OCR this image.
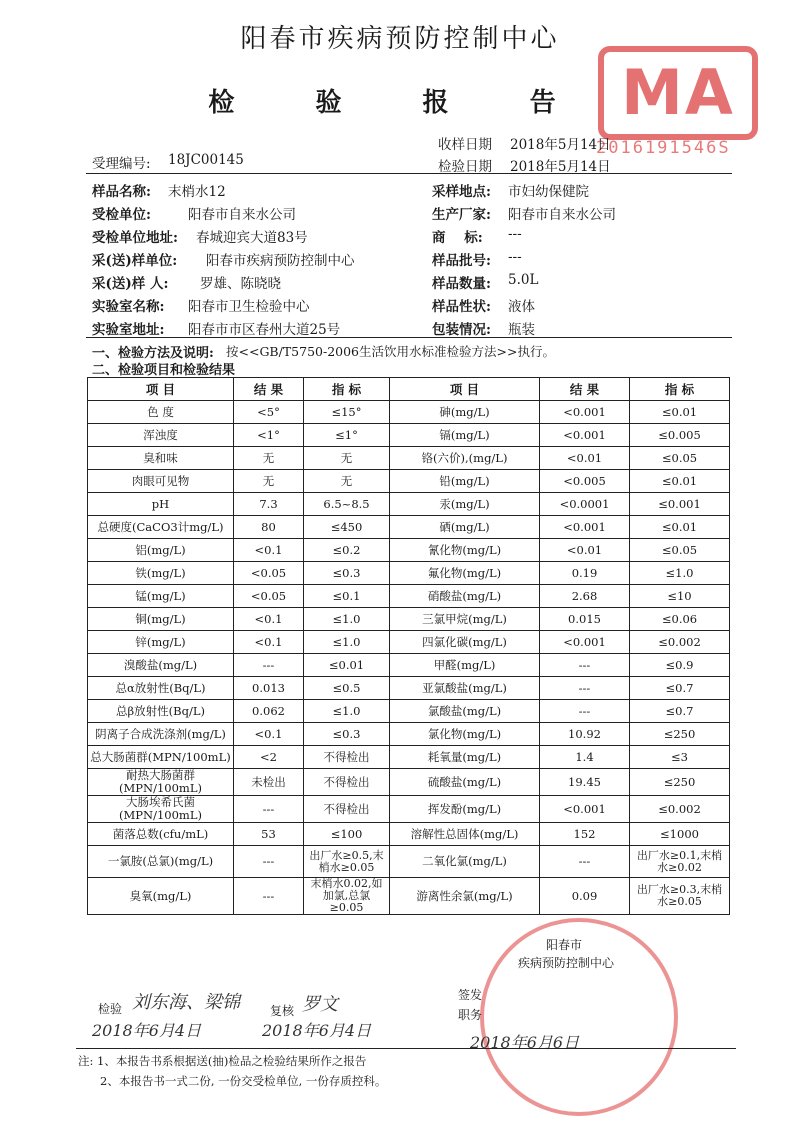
阳春市疾病预防控制中心
检 验 报 告 MA
2016191546S
收样日期 2018年5月14日
检验日期 2018年5月14日
受理编号: 18JC00145
样品名称: 末梢水12
受检单位:	阳春市自来水公司
受检单位地址: 春城迎宾大道83号
采(送)样单位: 阳春市疾病预防控制中心
采(送)样 人: 罗雄、陈晓晓
实验室名称: 阳春市卫生检验中心
实验室地址: 阳春市市区春州大道25号
采样地点: 市妇幼保健院
生产厂家: 阳春市自来水公司
商    标: ---
样品批号: ---
样品数量: 5.0L
样品性状: 液体
包装情况: 瓶装
一、检验方法及说明: 按<<GB/T5750-2006生活饮用水标准检验方法>>执行。
二、检验项目和检验结果
项 目	结 果	指 标	项 目	结 果	指 标
色 度	<5°	≤15°	砷(mg/L)	<0.001	≤0.01
浑浊度	<1°	≤1°	镉(mg/L)	<0.001	≤0.005
臭和味	无	无	铬(六价),(mg/L)	<0.01	≤0.05
肉眼可见物	无	无	铅(mg/L)	<0.005	≤0.01
pH	7.3	6.5~8.5	汞(mg/L)	<0.0001	≤0.001
总硬度(CaCO3计mg/L)	80	≤450	硒(mg/L)	<0.001	≤0.01
铝(mg/L)	<0.1	≤0.2	氰化物(mg/L)	<0.01	≤0.05
铁(mg/L)	<0.05	≤0.3	氟化物(mg/L)	0.19	≤1.0
锰(mg/L)	<0.05	≤0.1	硝酸盐(mg/L)	2.68	≤10
铜(mg/L)	<0.1	≤1.0	三氯甲烷(mg/L)	0.015	≤0.06
锌(mg/L)	<0.1	≤1.0	四氯化碳(mg/L)	<0.001	≤0.002
溴酸盐(mg/L)	---	≤0.01	甲醛(mg/L)	---	≤0.9
总α放射性(Bq/L)	0.013	≤0.5	亚氯酸盐(mg/L)	---	≤0.7
总β放射性(Bq/L)	0.062	≤1.0	氯酸盐(mg/L)	---	≤0.7
阴离子合成洗涤剂(mg/L)	<0.1	≤0.3	氯化物(mg/L)	10.92	≤250
总大肠菌群(MPN/100mL)	<2	不得检出	耗氧量(mg/L)	1.4	≤3
耐热大肠菌群(MPN/100mL)	未检出	不得检出	硫酸盐(mg/L)	19.45	≤250
大肠埃希氏菌(MPN/100mL)	---	不得检出	挥发酚(mg/L)	<0.001	≤0.002
菌落总数(cfu/mL)	53	≤100	溶解性总固体(mg/L)	152	≤1000
一氯胺(总氯)(mg/L)	---	出厂水≥0.5,末梢水≥0.05	二氧化氯(mg/L)	---	出厂水≥0.1,末梢水≥0.02
臭氧(mg/L)	---	末梢水0.02,如加氯,总氯≥0.05	游离性余氯(mg/L)	0.09	出厂水≥0.3,末梢水≥0.05
阳春市
疾病预防控制中心
检验 刘东海、梁锦	复核 罗文
2018年6月4日	2018年6月4日
签发
职务
2018年6月6日
注: 1、本报告书系根据送(抽)检品之检验结果所作之报告
2、本报告书一式二份, 一份交受检单位, 一份存质控科。
